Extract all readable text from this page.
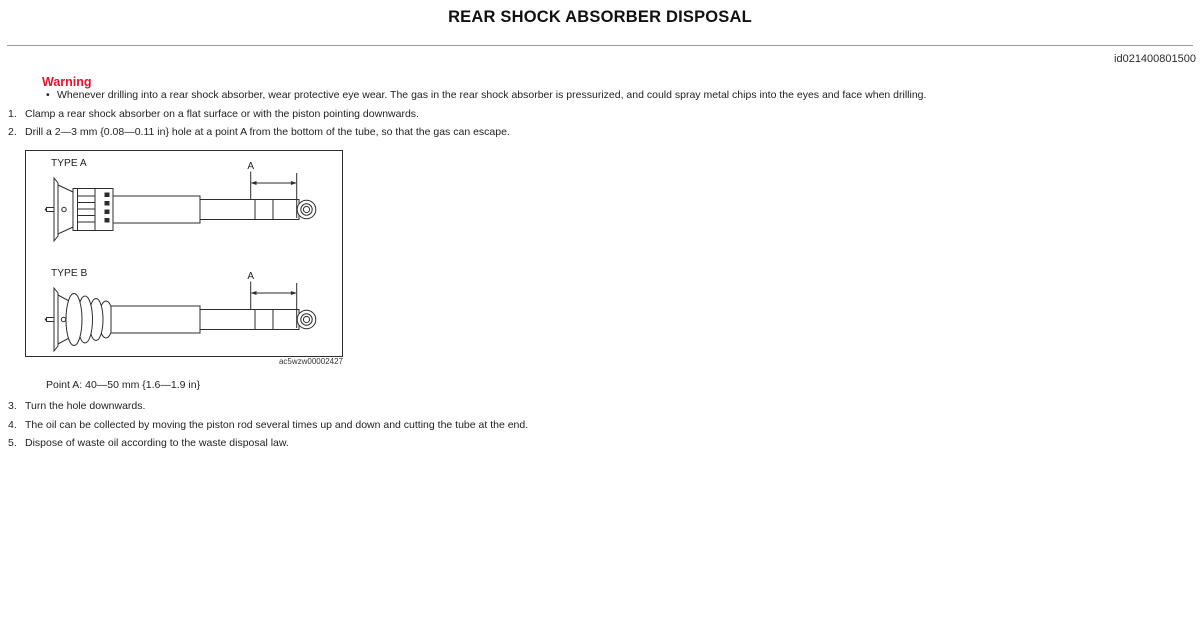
REAR SHOCK ABSORBER DISPOSAL
id021400801500
Warning
• Whenever drilling into a rear shock absorber, wear protective eye wear. The gas in the rear shock absorber is pressurized, and could spray metal chips into the eyes and face when drilling.
1. Clamp a rear shock absorber on a flat surface or with the piston pointing downwards.
2. Drill a 2—3 mm {0.08—0.11 in} hole at a point A from the bottom of the tube, so that the gas can escape.
TYPE A	A
TYPE B	A
ac5wzw00002427
Point A: 40—50 mm {1.6—1.9 in}
3. Turn the hole downwards.
4. The oil can be collected by moving the piston rod several times up and down and cutting the tube at the end.
5. Dispose of waste oil according to the waste disposal law.
